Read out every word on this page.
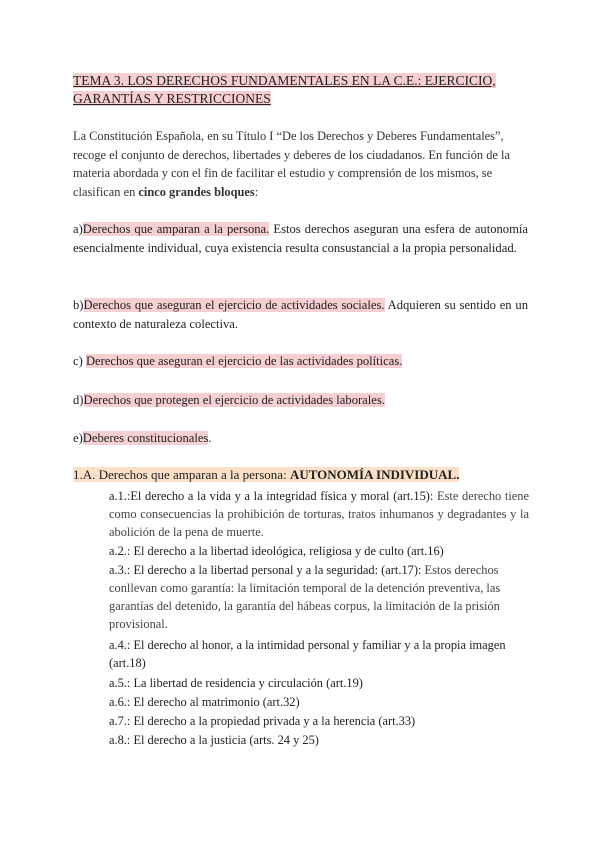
TEMA 3. LOS DERECHOS FUNDAMENTALES EN LA C.E.: EJERCICIO, GARANTÍAS Y RESTRICCIONES
La Constitución Española, en su Título I “De los Derechos y Deberes Fundamentales”, recoge el conjunto de derechos, libertades y deberes de los ciudadanos. En función de la materia abordada y con el fin de facilitar el estudio y comprensión de los mismos, se clasifican en cinco grandes bloques:
a)Derechos que amparan a la persona. Estos derechos aseguran una esfera de autonomía esencialmente individual, cuya existencia resulta consustancial a la propia personalidad.
b)Derechos que aseguran el ejercicio de actividades sociales. Adquieren su sentido en un contexto de naturaleza colectiva.
c) Derechos que aseguran el ejercicio de las actividades políticas.
d)Derechos que protegen el ejercicio de actividades laborales.
e)Deberes constitucionales.
1.A. Derechos que amparan a la persona: AUTONOMÍA INDIVIDUAL.
a.1.:El derecho a la vida y a la integridad física y moral (art.15): Este derecho tiene como consecuencias la prohibición de torturas, tratos inhumanos y degradantes y la abolición de la pena de muerte.
a.2.: El derecho a la libertad ideológica, religiosa y de culto (art.16)
a.3.: El derecho a la libertad personal y a la seguridad: (art.17): Estos derechos conllevan como garantía: la limitación temporal de la detención preventiva, las garantías del detenido, la garantía del hábeas corpus, la limitación de la prisión provisional.
a.4.: El derecho al honor, a la intimidad personal y familiar y a la propia imagen (art.18)
a.5.: La libertad de residencia y circulación (art.19)
a.6.: El derecho al matrimonio (art.32)
a.7.: El derecho a la propiedad privada y a la herencia (art.33)
a.8.: El derecho a la justicia (arts. 24 y 25)
